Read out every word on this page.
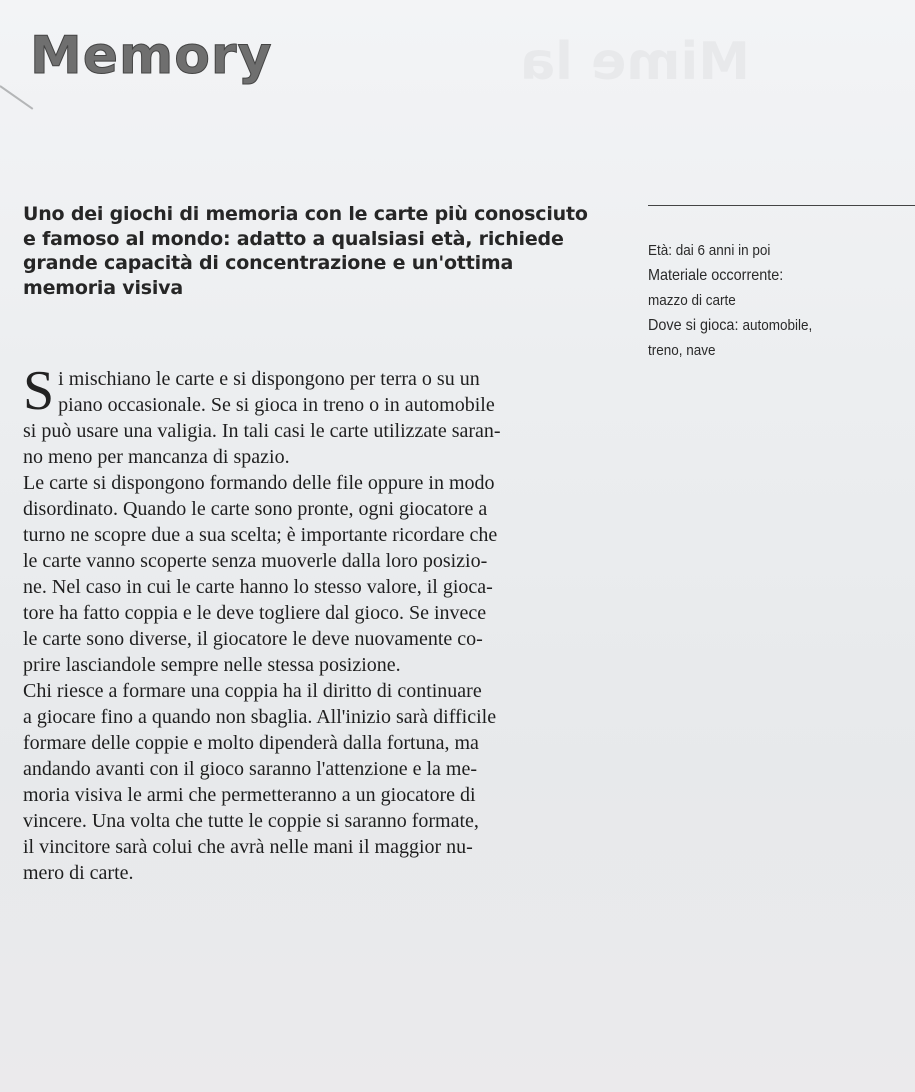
Memory
Uno dei giochi di memoria con le carte più conosciuto
e famoso al mondo: adatto a qualsiasi età, richiede
grande capacità di concentrazione e un'ottima
memoria visiva
Età: dai 6 anni in poi
Materiale occorrente:
mazzo di carte
Dove si gioca: automobile,
treno, nave
S i mischiano le carte e si dispongono per terra o su un
piano occasionale. Se si gioca in treno o in automobile
si può usare una valigia. In tali casi le carte utilizzate saran-
no meno per mancanza di spazio.
Le carte si dispongono formando delle file oppure in modo
disordinato. Quando le carte sono pronte, ogni giocatore a
turno ne scopre due a sua scelta; è importante ricordare che
le carte vanno scoperte senza muoverle dalla loro posizio-
ne. Nel caso in cui le carte hanno lo stesso valore, il gioca-
tore ha fatto coppia e le deve togliere dal gioco. Se invece
le carte sono diverse, il giocatore le deve nuovamente co-
prire lasciandole sempre nelle stessa posizione.
Chi riesce a formare una coppia ha il diritto di continuare
a giocare fino a quando non sbaglia. All'inizio sarà difficile
formare delle coppie e molto dipenderà dalla fortuna, ma
andando avanti con il gioco saranno l'attenzione e la me-
moria visiva le armi che permetteranno a un giocatore di
vincere. Una volta che tutte le coppie si saranno formate,
il vincitore sarà colui che avrà nelle mani il maggior nu-
mero di carte.
